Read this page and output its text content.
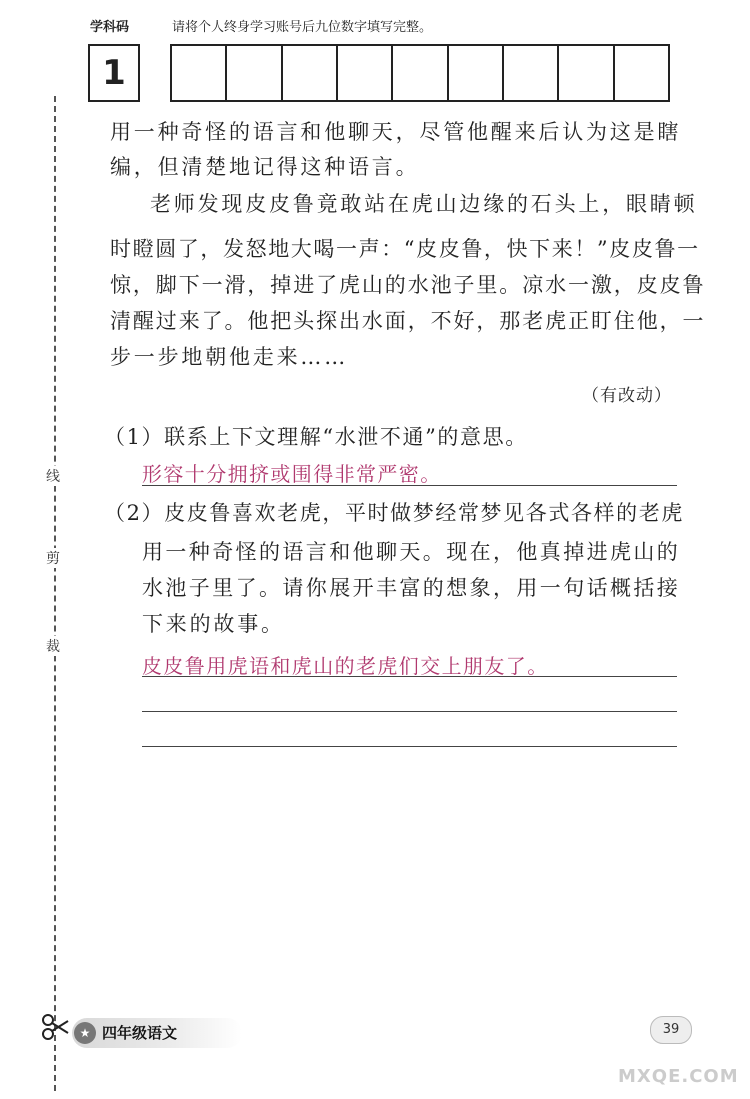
学科码	请将个人终身学习账号后九位数字填写完整。
1
线
剪
裁
用一种奇怪的语言和他聊天，尽管他醒来后认为这是瞎
编，但清楚地记得这种语言。
老师发现皮皮鲁竟敢站在虎山边缘的石头上，眼睛顿
时瞪圆了，发怒地大喝一声：“皮皮鲁，快下来！”皮皮鲁一
惊，脚下一滑，掉进了虎山的水池子里。凉水一激，皮皮鲁
清醒过来了。他把头探出水面，不好，那老虎正盯住他，一
步一步地朝他走来……
（有改动）
（1）联系上下文理解“水泄不通”的意思。
形容十分拥挤或围得非常严密。
（2）皮皮鲁喜欢老虎，平时做梦经常梦见各式各样的老虎
用一种奇怪的语言和他聊天。现在，他真掉进虎山的
水池子里了。请你展开丰富的想象，用一句话概括接
下来的故事。
皮皮鲁用虎语和虎山的老虎们交上朋友了。
★ 四年级语文	39
MXQE.COM
